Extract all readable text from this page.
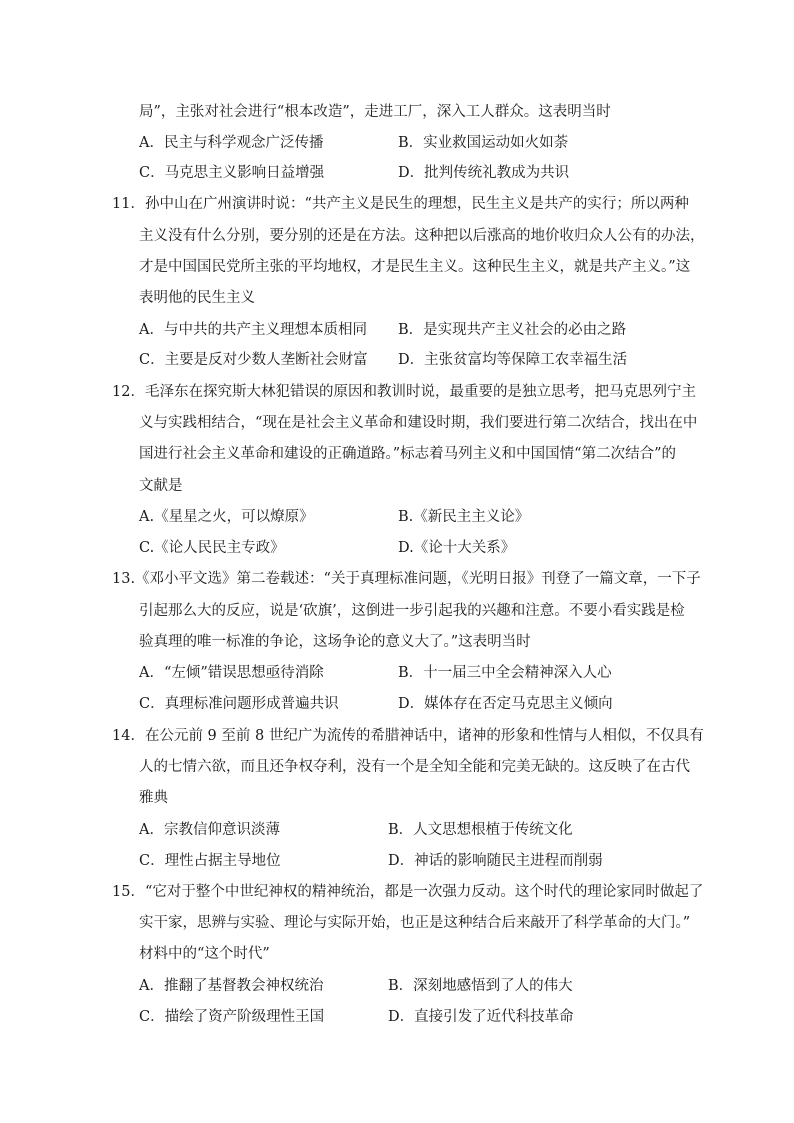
局”，主张对社会进行“根本改造”，走进工厂，深入工人群众。这表明当时
A．民主与科学观念广泛传播	B．实业救国运动如火如荼
C．马克思主义影响日益增强	D．批判传统礼教成为共识
11．孙中山在广州演讲时说：“共产主义是民生的理想，民生主义是共产的实行；所以两种
主义没有什么分别，要分别的还是在方法。这种把以后涨高的地价收归众人公有的办法，
才是中国国民党所主张的平均地权，才是民生主义。这种民生主义，就是共产主义。”这
表明他的民生主义
A．与中共的共产主义理想本质相同 B．是实现共产主义社会的必由之路
C．主要是反对少数人垄断社会财富 D．主张贫富均等保障工农幸福生活
12．毛泽东在探究斯大林犯错误的原因和教训时说，最重要的是独立思考，把马克思列宁主
义与实践相结合，“现在是社会主义革命和建设时期，我们要进行第二次结合，找出在中
国进行社会主义革命和建设的正确道路。”标志着马列主义和中国国情“第二次结合”的
文献是
A.《星星之火，可以燎原》	B.《新民主主义论》
C.《论人民民主专政》	D.《论十大关系》
13.《邓小平文选》第二卷载述：“关于真理标准问题，《光明日报》刊登了一篇文章，一下子
引起那么大的反应，说是‘砍旗’，这倒进一步引起我的兴趣和注意。不要小看实践是检
验真理的唯一标准的争论，这场争论的意义大了。”这表明当时
A．“左倾”错误思想亟待消除	B．十一届三中全会精神深入人心
C．真理标准问题形成普遍共识	D．媒体存在否定马克思主义倾向
14．在公元前 9 至前 8 世纪广为流传的希腊神话中，诸神的形象和性情与人相似，不仅具有
人的七情六欲，而且还争权夺利，没有一个是全知全能和完美无缺的。这反映了在古代
雅典
A．宗教信仰意识淡薄	B．人文思想根植于传统文化
C．理性占据主导地位	D．神话的影响随民主进程而削弱
15．“它对于整个中世纪神权的精神统治，都是一次强力反动。这个时代的理论家同时做起了
实干家，思辨与实验、理论与实际开始，也正是这种结合后来敲开了科学革命的大门。”
材料中的“这个时代”
A．推翻了基督教会神权统治	B．深刻地感悟到了人的伟大
C．描绘了资产阶级理性王国	D．直接引发了近代科技革命
